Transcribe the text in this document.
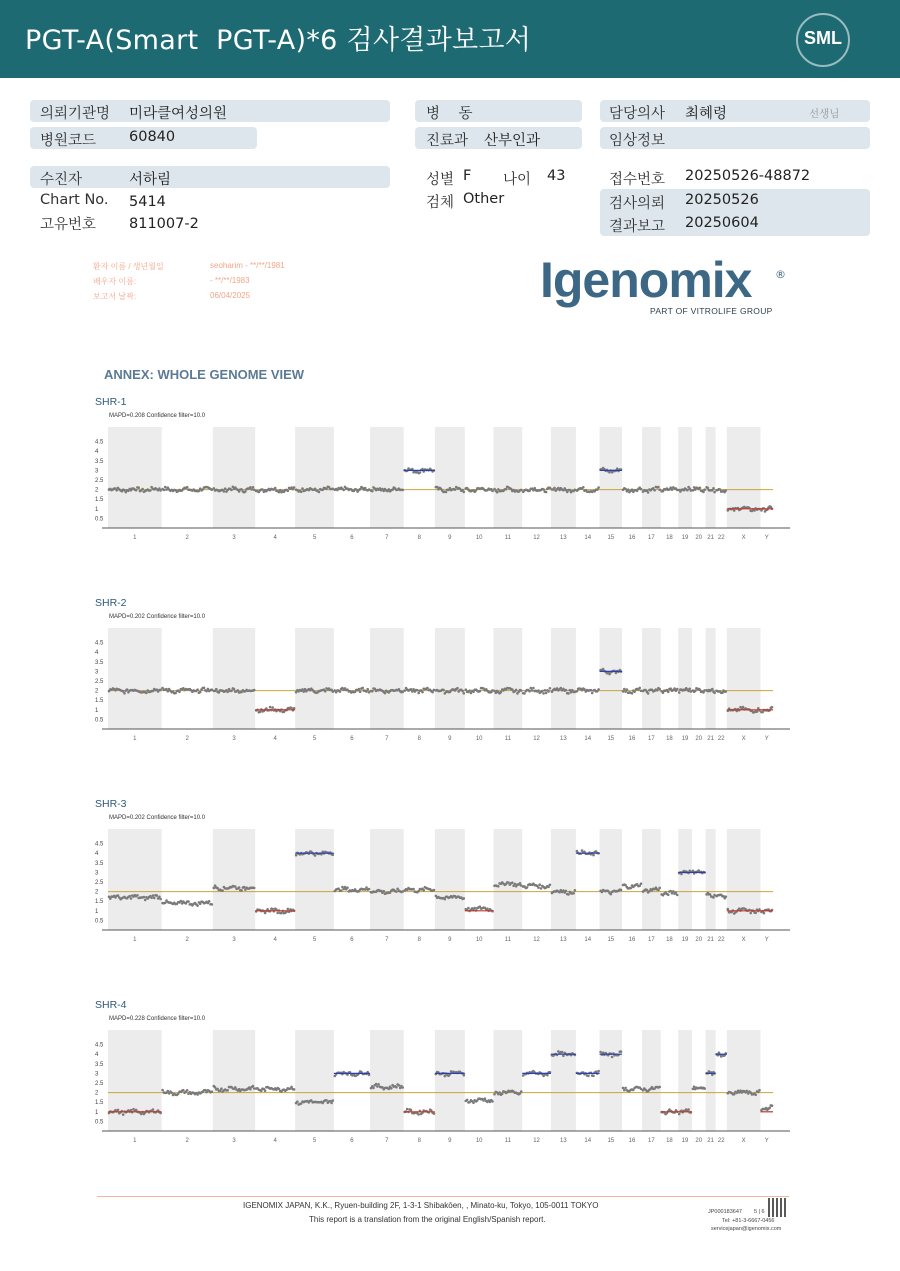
PGT-A(Smart  PGT-A)*6 검사결과보고서	SML
의뢰기관명 미라클여성의원
병원코드 60840
병    동
진료과 산부인과
담당의사 최혜령	선생님
임상정보
수진자	서하림
Chart No. 5414
고유번호 811007-2
성별 F 나이 43
검체 Other
접수번호 20250526-48872
검사의뢰 20250526
결과보고 20250604
환자 이름 / 생년월일	seoharim - **/**/1981
배우자 이름:	- **/**/1983
보고서 날짜:	06/04/2025	Igenomix ®
PART OF VITROLIFE GROUP
ANNEX: WHOLE GENOME VIEW
SHR-1
MAPD=0.208 Confidence filter=10.0
1	2	3	4	5	6	7	8	9	10	11	12	13	14	15 16 17 18 19 20 21 22	X	Y
4.5
4
3.5
3
2.5
2
1.5
1
0.5
SHR-2
MAPD=0.202 Confidence filter=10.0
1	2	3	4	5	6	7	8	9	10	11	12	13	14	15 16 17 18 19 20 21 22	X	Y
4.5
4
3.5
3
2.5
2
1.5
1
0.5
SHR-3
MAPD=0.202 Confidence filter=10.0
1	2	3	4	5	6	7	8	9	10	11	12	13	14	15 16 17 18 19 20 21 22	X	Y
4.5
4
3.5
3
2.5
2
1.5
1
0.5
SHR-4
MAPD=0.228 Confidence filter=10.0
1	2	3	4	5	6	7	8	9	10	11	12	13	14	15 16 17 18 19 20 21 22	X	Y
4.5
4
3.5
3
2.5
2
1.5
1
0.5
IGENOMIX JAPAN, K.K., Ryuen-building 2F, 1-3-1 Shibakōen, , Minato-ku, Tokyo, 105-0011 TOKYO
This report is a translation from the original English/Spanish report.
JP000183647 5 | 6
Tel: +81-3-6667-0456
servicejapan@igenomix.com
